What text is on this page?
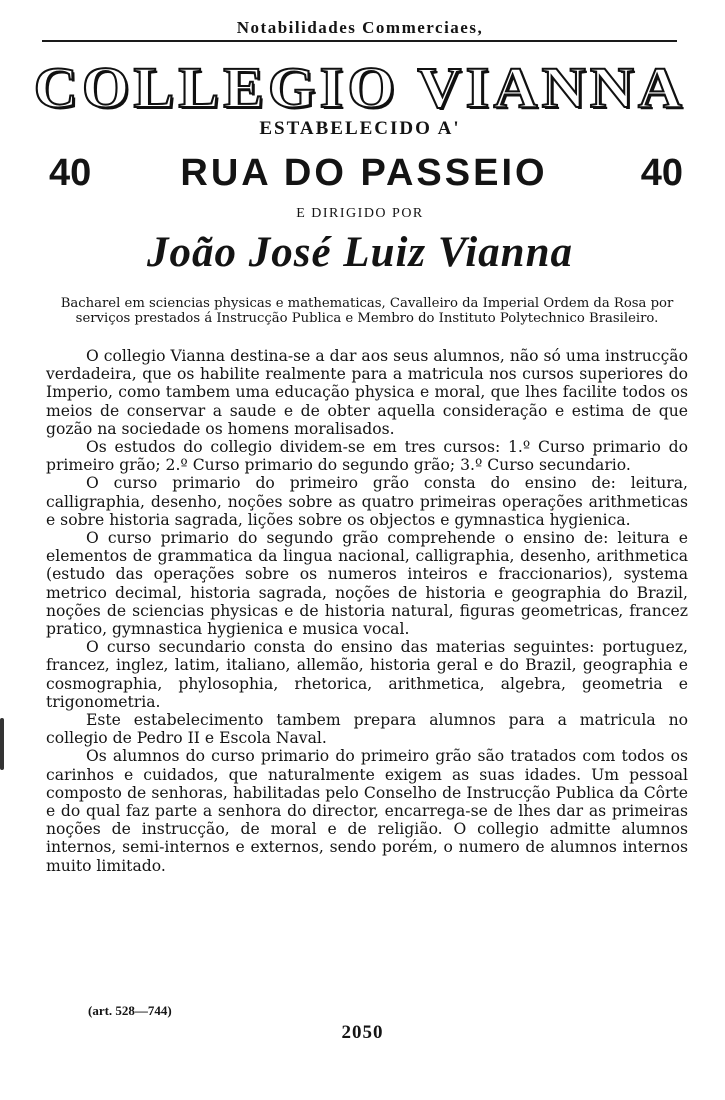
Notabilidades Commerciaes,
COLLEGIO VIANNA
ESTABELECIDO A'
RUA DO PASSEIO
40	40
E DIRIGIDO POR
João José Luiz Vianna
Bacharel em sciencias physicas e mathematicas, Cavalleiro da Imperial Ordem da Rosa por serviços prestados á Instrucção Publica e Membro do Instituto Polytechnico Brasileiro.

O collegio Vianna destina-se a dar aos seus alumnos, não só uma instrucção verdadeira, que os habilite realmente para a matricula nos cursos superiores do Imperio, como tambem uma educação physica e moral, que lhes facilite todos os meios de conservar a saude e de obter aquella consideração e estima de que gozão na sociedade os homens moralisados.

Os estudos do collegio dividem-se em tres cursos: 1.º Curso primario do primeiro grão; 2.º Curso primario do segundo grão; 3.º Curso secundario.

O curso primario do primeiro grão consta do ensino de: leitura, calligraphia, desenho, noções sobre as quatro primeiras operações arithmeticas e sobre historia sagrada, lições sobre os objectos e gymnastica hygienica.

O curso primario do segundo grão comprehende o ensino de: leitura e elementos de grammatica da lingua nacional, calligraphia, desenho, arithmetica (estudo das operações sobre os numeros inteiros e fraccionarios), systema metrico decimal, historia sagrada, noções de historia e geographia do Brazil, noções de sciencias physicas e de historia natural, figuras geometricas, francez pratico, gymnastica hygienica e musica vocal.

O curso secundario consta do ensino das materias seguintes: portuguez, francez, inglez, latim, italiano, allemão, historia geral e do Brazil, geographia e cosmographia, phylosophia, rhetorica, arithmetica, algebra, geometria e trigonometria.

Este estabelecimento tambem prepara alumnos para a matricula no collegio de Pedro II e Escola Naval.

Os alumnos do curso primario do primeiro grão são tratados com todos os carinhos e cuidados, que naturalmente exigem as suas idades. Um pessoal composto de senhoras, habilitadas pelo Conselho de Instrucção Publica da Côrte e do qual faz parte a senhora do director, encarrega-se de lhes dar as primeiras noções de instrucção, de moral e de religião. O collegio admitte alumnos internos, semi-internos e externos, sendo porém, o numero de alumnos internos muito limitado.

(art. 528—744)
2050
